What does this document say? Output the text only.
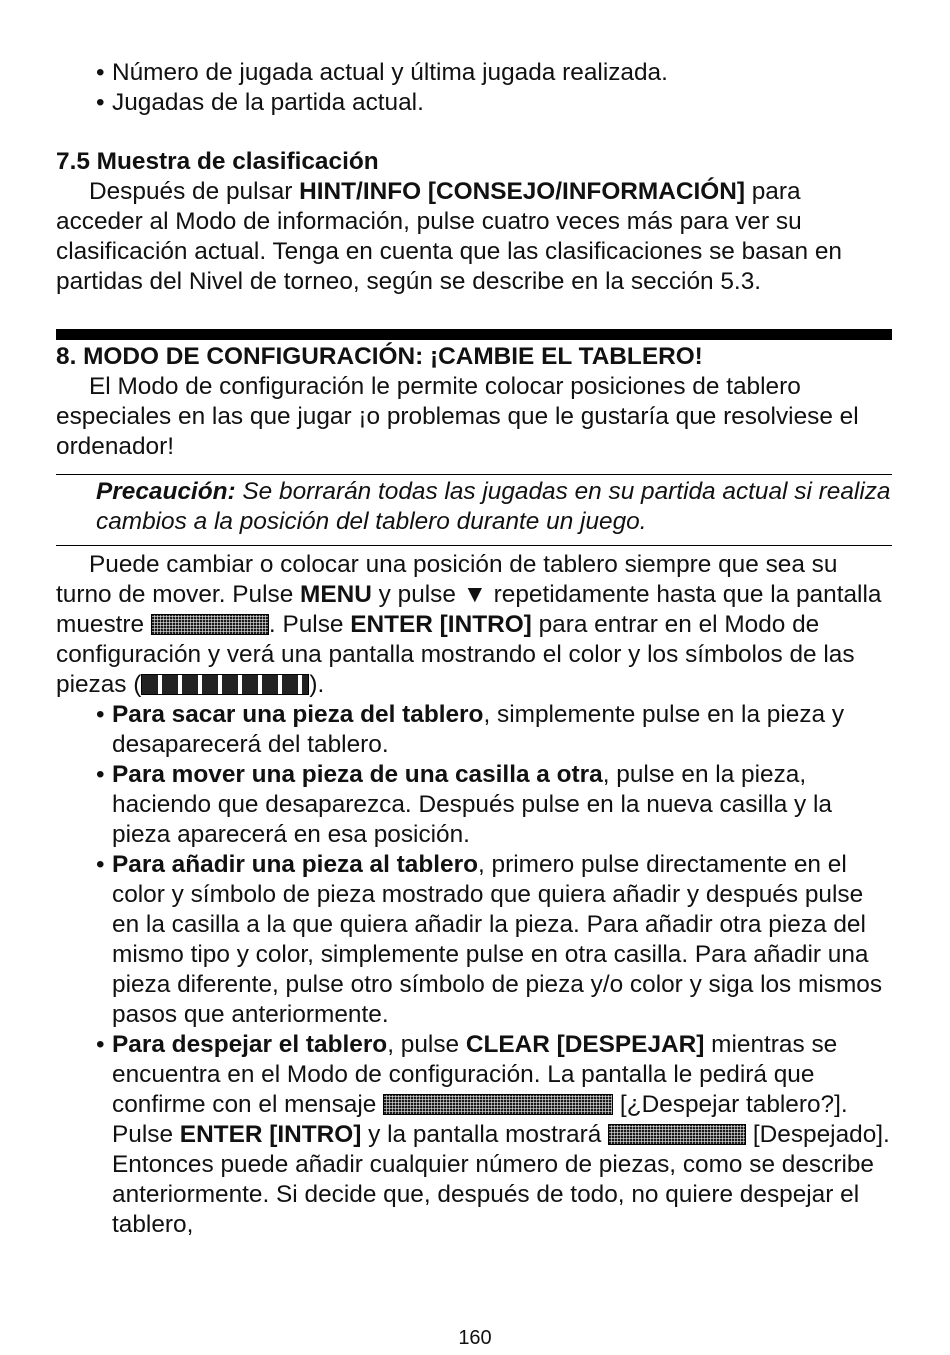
• Número de jugada actual y última jugada realizada.
• Jugadas de la partida actual.
7.5 Muestra de clasificación
Después de pulsar HINT/INFO [CONSEJO/INFORMACIÓN] para acceder al Modo de información, pulse cuatro veces más para ver su clasificación actual. Tenga en cuenta que las clasificaciones se basan en partidas del Nivel de torneo, según se describe en la sección 5.3.
8. MODO DE CONFIGURACIÓN: ¡CAMBIE EL TABLERO!
El Modo de configuración le permite colocar posiciones de tablero especiales en las que jugar ¡o problemas que le gustaría que resolviese el ordenador!
Precaución: Se borrarán todas las jugadas en su partida actual si realiza cambios a la posición del tablero durante un juego.
Puede cambiar o colocar una posición de tablero siempre que sea su turno de mover. Pulse MENU y pulse ▼ repetidamente hasta que la pantalla muestre	. Pulse ENTER [INTRO] para entrar en el Modo de configuración y verá una pantalla mostrando el color y los símbolos de las piezas (	).
• Para sacar una pieza del tablero, simplemente pulse en la pieza y desaparecerá del tablero.
• Para mover una pieza de una casilla a otra, pulse en la pieza, haciendo que desaparezca. Después pulse en la nueva casilla y la pieza aparecerá en esa posición.
• Para añadir una pieza al tablero, primero pulse directamente en el color y símbolo de pieza mostrado que quiera añadir y después pulse en la casilla a la que quiera añadir la pieza. Para añadir otra pieza del mismo tipo y color, simplemente pulse en otra casilla. Para añadir una pieza diferente, pulse otro símbolo de pieza y/o color y siga los mismos pasos que anteriormente.
• Para despejar el tablero, pulse CLEAR [DESPEJAR] mientras se encuentra en el Modo de configuración. La pantalla le pedirá que confirme con el mensaje	[¿Despejar tablero?]. Pulse ENTER [INTRO] y la pantalla mostrará	[Despejado]. Entonces puede añadir cualquier número de piezas, como se describe anteriormente. Si decide que, después de todo, no quiere despejar el tablero,
160
